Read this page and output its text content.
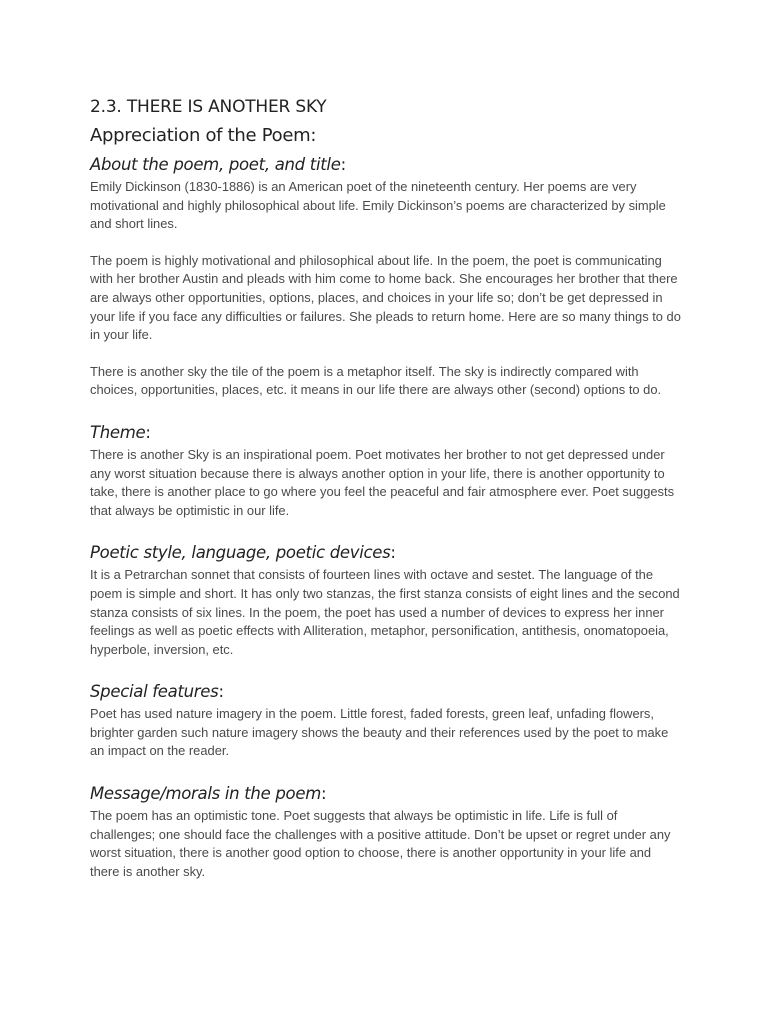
2.3. THERE IS ANOTHER SKY
Appreciation of the Poem:
About the poem, poet, and title:

Emily Dickinson (1830-1886) is an American poet of the nineteenth century. Her poems are very motivational and highly philosophical about life. Emily Dickinson’s poems are characterized by simple and short lines.

The poem is highly motivational and philosophical about life. In the poem, the poet is communicating with her brother Austin and pleads with him come to home back. She encourages her brother that there are always other opportunities, options, places, and choices in your life so; don’t be get depressed in your life if you face any difficulties or failures. She pleads to return home. Here are so many things to do in your life.

There is another sky the tile of the poem is a metaphor itself. The sky is indirectly compared with choices, opportunities, places, etc. it means in our life there are always other (second) options to do.

Theme:

There is another Sky is an inspirational poem. Poet motivates her brother to not get depressed under any worst situation because there is always another option in your life, there is another opportunity to take, there is another place to go where you feel the peaceful and fair atmosphere ever. Poet suggests that always be optimistic in our life.

Poetic style, language, poetic devices:

It is a Petrarchan sonnet that consists of fourteen lines with octave and sestet. The language of the poem is simple and short. It has only two stanzas, the first stanza consists of eight lines and the second stanza consists of six lines. In the poem, the poet has used a number of devices to express her inner feelings as well as poetic effects with Alliteration, metaphor, personification, antithesis, onomatopoeia, hyperbole, inversion, etc.

Special features:

Poet has used nature imagery in the poem. Little forest, faded forests, green leaf, unfading flowers, brighter garden such nature imagery shows the beauty and their references used by the poet to make an impact on the reader.

Message/morals in the poem:

The poem has an optimistic tone. Poet suggests that always be optimistic in life. Life is full of challenges; one should face the challenges with a positive attitude. Don’t be upset or regret under any worst situation, there is another good option to choose, there is another opportunity in your life and there is another sky.
